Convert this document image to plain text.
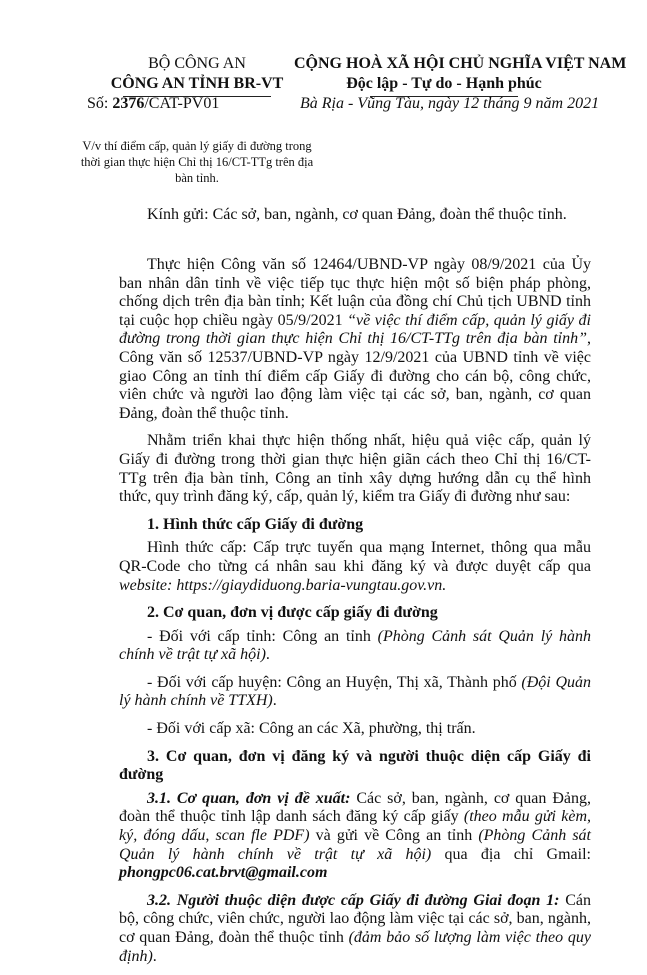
BỘ CÔNG AN
CÔNG AN TỈNH BR-VT
CỘNG HOÀ XÃ HỘI CHỦ NGHĨA VIỆT NAM
Độc lập - Tự do - Hạnh phúc
Số: 2376/CAT-PV01	Bà Rịa - Vũng Tàu, ngày 12 tháng 9 năm 2021
V/v thí điểm cấp, quản lý giấy đi đường trong thời gian thực hiện Chỉ thị 16/CT-TTg trên địa bàn tỉnh.
Kính gửi: Các sở, ban, ngành, cơ quan Đảng, đoàn thể thuộc tỉnh.

Thực hiện Công văn số 12464/UBND-VP ngày 08/9/2021 của Ủy ban nhân dân tỉnh về việc tiếp tục thực hiện một số biện pháp phòng, chống dịch trên địa bàn tỉnh; Kết luận của đồng chí Chủ tịch UBND tỉnh tại cuộc họp chiều ngày 05/9/2021 “về việc thí điểm cấp, quản lý giấy đi đường trong thời gian thực hiện Chỉ thị 16/CT-TTg trên địa bàn tỉnh”, Công văn số 12537/UBND-VP ngày 12/9/2021 của UBND tỉnh về việc giao Công an tỉnh thí điểm cấp Giấy đi đường cho cán bộ, công chức, viên chức và người lao động làm việc tại các sở, ban, ngành, cơ quan Đảng, đoàn thể thuộc tỉnh.

Nhằm triển khai thực hiện thống nhất, hiệu quả việc cấp, quản lý Giấy đi đường trong thời gian thực hiện giãn cách theo Chỉ thị 16/CT-TTg trên địa bàn tỉnh, Công an tỉnh xây dựng hướng dẫn cụ thể hình thức, quy trình đăng ký, cấp, quản lý, kiểm tra Giấy đi đường như sau:

1. Hình thức cấp Giấy đi đường

Hình thức cấp: Cấp trực tuyến qua mạng Internet, thông qua mẫu QR-Code cho từng cá nhân sau khi đăng ký và được duyệt cấp qua website: https://giaydiduong.baria-vungtau.gov.vn.

2. Cơ quan, đơn vị được cấp giấy đi đường

- Đối với cấp tỉnh: Công an tỉnh (Phòng Cảnh sát Quản lý hành chính về trật tự xã hội).

- Đối với cấp huyện: Công an Huyện, Thị xã, Thành phố (Đội Quản lý hành chính về TTXH).

- Đối với cấp xã: Công an các Xã, phường, thị trấn.

3. Cơ quan, đơn vị đăng ký và người thuộc diện cấp Giấy đi đường

3.1. Cơ quan, đơn vị đề xuất: Các sở, ban, ngành, cơ quan Đảng, đoàn thể thuộc tỉnh lập danh sách đăng ký cấp giấy (theo mẫu gửi kèm, ký, đóng dấu, scan fle PDF) và gửi về Công an tỉnh (Phòng Cảnh sát Quản lý hành chính về trật tự xã hội) qua địa chỉ Gmail: phongpc06.cat.brvt@gmail.com

3.2. Người thuộc diện được cấp Giấy đi đường Giai đoạn 1: Cán bộ, công chức, viên chức, người lao động làm việc tại các sở, ban, ngành, cơ quan Đảng, đoàn thể thuộc tỉnh (đảm bảo số lượng làm việc theo quy định).
